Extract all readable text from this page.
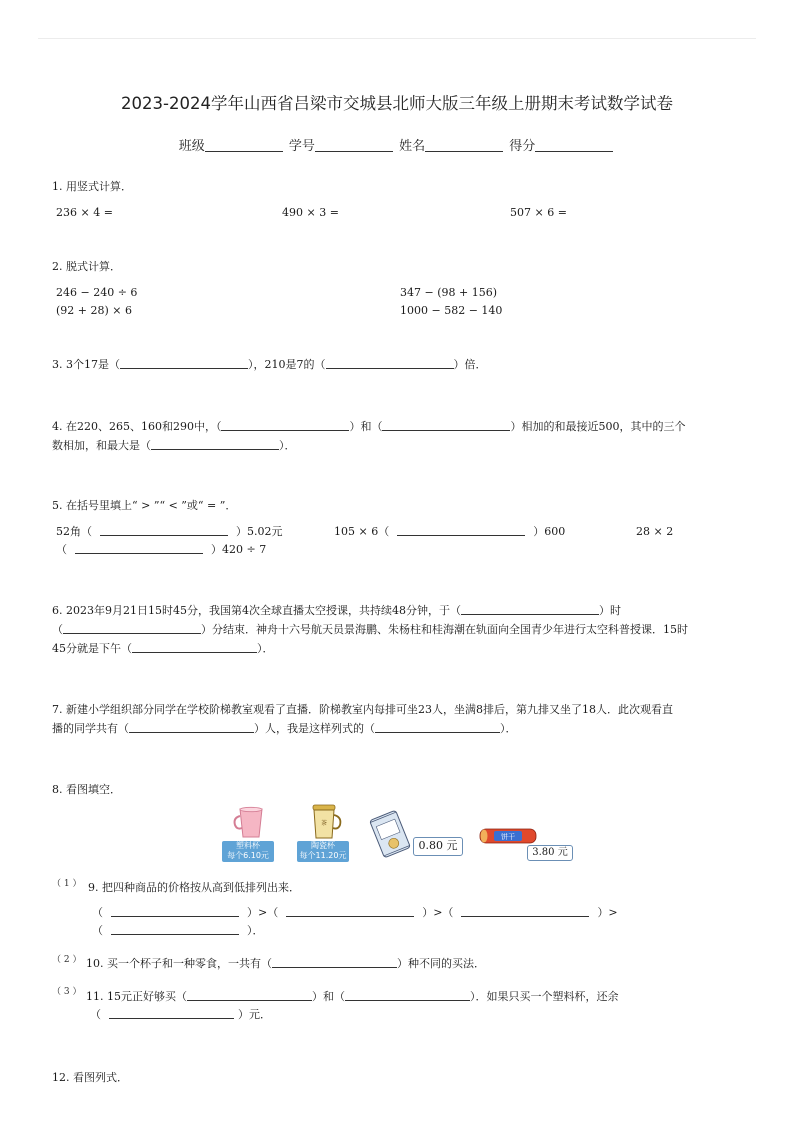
2023-2024学年山西省吕梁市交城县北师大版三年级上册期末考试数学试卷
班级	学号	姓名	得分
1. 用竖式计算．
236 × 4 =	490 × 3 =	507 × 6 =
2. 脱式计算．
246 − 240 ÷ 6	347 − (98 + 156)
(92 + 28) × 6	1000 − 582 − 140
3. 3个17是（	），210是7的（	）倍．
4. 在220、265、160和290中，（	）和（	）相加的和最接近500，其中的三个
数相加，和最大是（	）．
5. 在括号里填上“ > ”“ < ”或“ = ”．
52角（	）5.02元	105 × 6（	）600	28 × 2
（	）420 ÷ 7
6. 2023年9月21日15时45分，我国第4次全球直播太空授课，共持续48分钟，于（	）时
（	）分结束．神舟十六号航天员景海鹏、朱杨柱和桂海潮在轨面向全国青少年进行太空科普授课．15时
45分就是下午（	）．
7. 新建小学组织部分同学在学校阶梯教室观看了直播．阶梯教室内每排可坐23人，坐满8排后，第九排又坐了18人．此次观看直
播的同学共有（	）人，我是这样列式的（	）．
8. 看图填空．
塑料杯
每个6.10元
茶
陶瓷杯
每个11.20元
0.80 元
饼干
3.80 元
（ 1 ） 9. 把四种商品的价格按从高到低排列出来．
（	）>（	）>（	）>
（	）．
（ 2 ） 10. 买一个杯子和一种零食，一共有（	）种不同的买法．
（ 3 ） 11. 15元正好够买（	）和（	）．如果只买一个塑料杯，还余
（	）元．
12. 看图列式．
